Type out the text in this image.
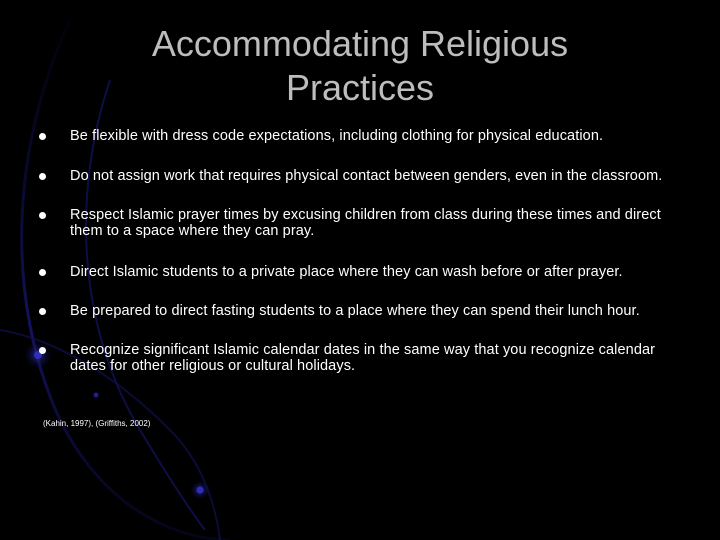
Accommodating Religious
Practices
Be flexible with dress code expectations, including clothing for physical education.
Do not assign work that requires physical contact between genders, even in the classroom.
Respect Islamic prayer times by excusing children from class during these times and direct them to a space where they can pray.
Direct Islamic students to a private place where they can wash before or after prayer.
Be prepared to direct fasting students to a place where they can spend their lunch hour.
Recognize significant Islamic calendar dates in the same way that you recognize calendar dates for other religious or cultural holidays.
(Kahin, 1997), (Griffiths, 2002)
